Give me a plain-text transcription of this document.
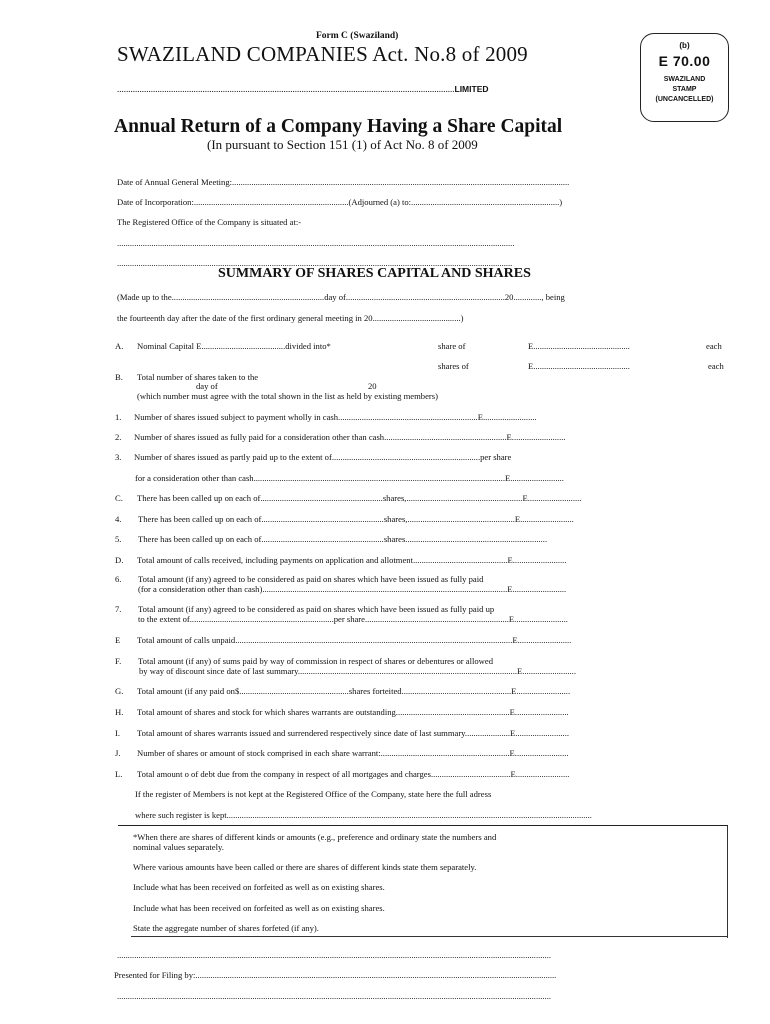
Form C (Swaziland)
SWAZILAND COMPANIES Act. No.8 of 2009
......................................................................................................................................................LIMITED
(b)
E 70.00
SWAZILAND
STAMP
(UNCANCELLED)
Annual Return of a Company Having a Share Capital
(In pursuant to Section 151 (1) of Act No. 8 of 2009
Date of Annual General Meeting:.............................................................................................................................................................
Date of Incorporation:........................................................................(Adjourned (a) to:.....................................................................)
The Registered Office of the Company is situated at:-
.........................................................................................................................................................................................
........................................................................................................................................................................................
SUMMARY OF SHARES CAPITAL AND SHARES
(Made up to the.......................................................................day of..........................................................................20............., being
the fourteenth day after the date of the first ordinary general meeting in 20.........................................)
A. Nominal Capital E.......................................divided into*	share of	E.............................................	each
shares of	E.............................................	each
B. Total number of shares taken to the
day of	20
(which number must agree with the total shown in the list as held by existing members)
1. Number of shares issued subject to payment wholly in cash.................................................................E.........................
2. Number of shares issued as fully paid for a consideration other than cash.........................................................E.........................
3. Number of shares issued as partly paid up to the extent of.....................................................................per share
for a consideration other than cash.....................................................................................................................E.........................
C. There has been called up on each of.........................................................shares,......................................................E.........................
4. There has been called up on each of.........................................................shares,..................................................E.........................
5. There has been called up on each of.........................................................shares..................................................................
D. Total amount of calls received, including payments on application and allotment............................................E.........................
6. Total amount (if any) agreed to be considered as paid on shares which have been issued as fully paid
(for a consideration other than cash)..................................................................................................................E.........................
7. Total amount (if any) agreed to be considered as paid on shares which have been issued as fully paid up
to the extent of...................................................................per share...................................................................E.........................
E Total amount of calls unpaid.................................................................................................................................E.........................
F. Total amount (if any) of sums paid by way of commission in respect of shares or debentures or allowed
by way of discount since date of last summary......................................................................................................E.........................
G. Total amount (if any paid on$...................................................shares forteited...................................................E.........................
H. Total amount of shares and stock for which shares warrants are outstanding.....................................................E.........................
I. Total amount of shares warrants issued and surrendered respectively since date of last summary.....................E.........................
J. Number of shares or amount of stock comprised in each share warrant:............................................................E.........................
L. Total amount o of debt due from the company in respect of all mortgages and charges.....................................E.........................
If the register of Members is not kept at the Registered Office of the Company, state here the full adress
where such register is kept..........................................................................................................................................................................
*When there are shares of different kinds or amounts (e.g., preference and ordinary state the numbers and
nominal values separately.
Where various amounts have been called or there are shares of different kinds state them separately.
Include what has been received on forfeited as well as on existing shares.
Include what has been received on forfeited as well as on existing shares.
State the aggregate number of shares forfeted (if any).
..........................................................................................................................................................................................................
Presented for Filing by:........................................................................................................................................................................
..........................................................................................................................................................................................................
